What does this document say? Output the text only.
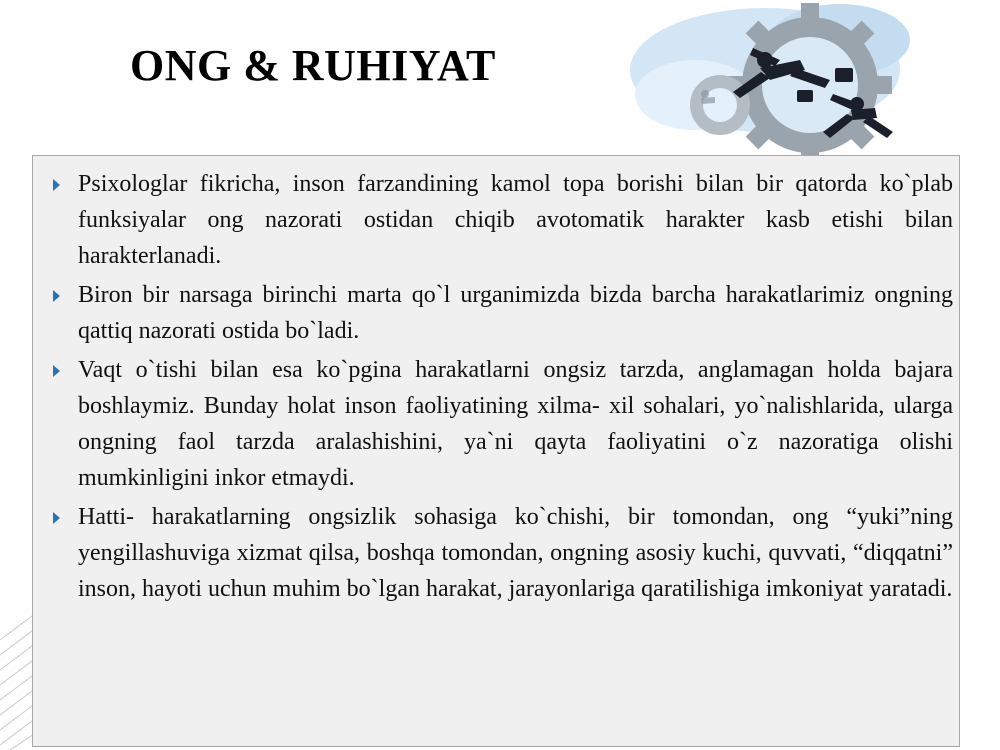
ONG & RUHIYAT
Psixologlar fikricha, inson farzandining kamol topa borishi bilan bir qatorda ko`plab funksiyalar ong nazorati ostidan chiqib avotomatik harakter kasb etishi bilan harakterlanadi.
Biron bir narsaga birinchi marta qo`l urganimizda bizda barcha harakatlarimiz ongning qattiq nazorati ostida bo`ladi.
Vaqt o`tishi bilan esa ko`pgina harakatlarni ongsiz tarzda, anglamagan holda bajara boshlaymiz. Bunday holat inson faoliyatining xilma- xil sohalari, yo`nalishlarida, ularga ongning faol tarzda aralashishini, ya`ni qayta faoliyatini o`z nazoratiga olishi mumkinligini inkor etmaydi.
Hatti- harakatlarning ongsizlik sohasiga ko`chishi, bir tomondan, ong “yuki”ning yengillashuviga xizmat qilsa, boshqa tomondan, ongning asosiy kuchi, quvvati, “diqqatni” inson, hayoti uchun muhim bo`lgan harakat, jarayonlariga qaratilishiga imkoniyat yaratadi.
